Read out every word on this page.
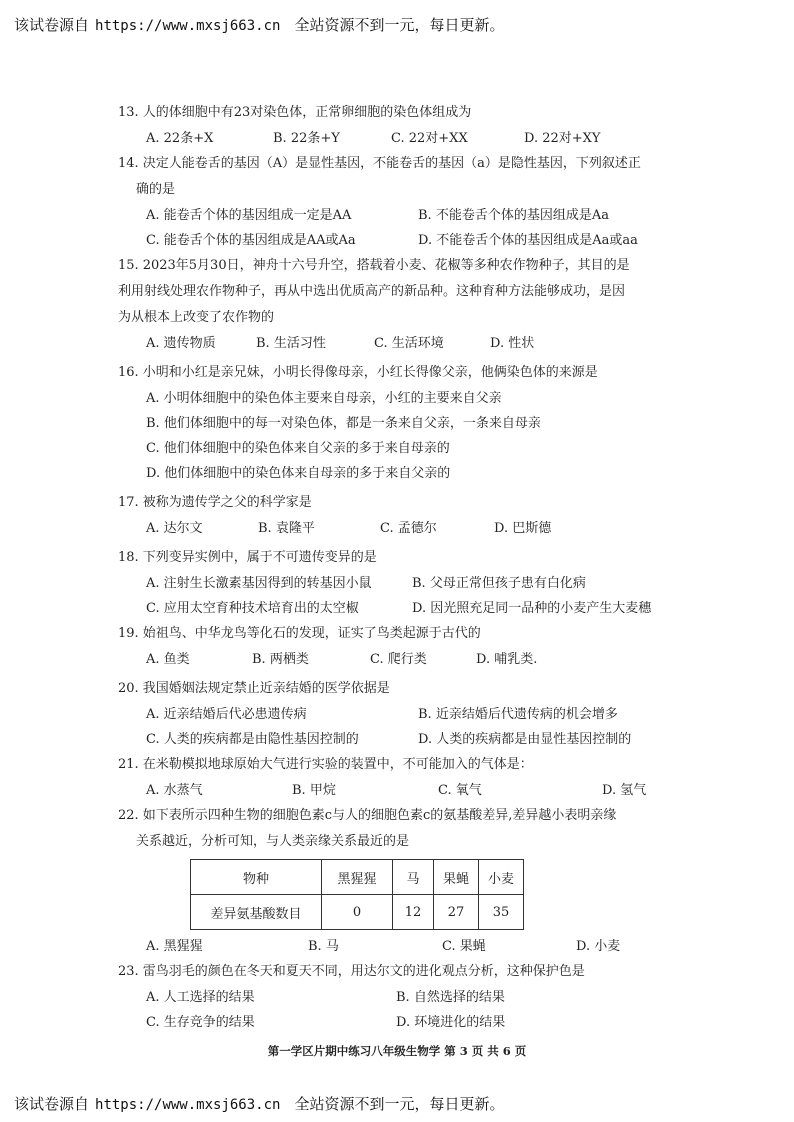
该试卷源自 https://www.mxsj663.cn 全站资源不到一元，每日更新。
13. 人的体细胞中有23对染色体，正常卵细胞的染色体组成为
A. 22条+X	B. 22条+Y	C. 22对+XX	D. 22对+XY
14. 决定人能卷舌的基因（A）是显性基因，不能卷舌的基因（a）是隐性基因，下列叙述正
确的是
A. 能卷舌个体的基因组成一定是AA	B. 不能卷舌个体的基因组成是Aa
C. 能卷舌个体的基因组成是AA或Aa	D. 不能卷舌个体的基因组成是Aa或aa
15. 2023年5月30日，神舟十六号升空，搭载着小麦、花椒等多种农作物种子，其目的是
利用射线处理农作物种子，再从中选出优质高产的新品种。这种育种方法能够成功，是因
为从根本上改变了农作物的
A. 遗传物质	B. 生活习性	C. 生活环境	D. 性状
16. 小明和小红是亲兄妹，小明长得像母亲，小红长得像父亲，他俩染色体的来源是
A. 小明体细胞中的染色体主要来自母亲，小红的主要来自父亲
B. 他们体细胞中的每一对染色体，都是一条来自父亲，一条来自母亲
C. 他们体细胞中的染色体来自父亲的多于来自母亲的
D. 他们体细胞中的染色体来自母亲的多于来自父亲的
17. 被称为遗传学之父的科学家是
A. 达尔文	B. 袁隆平	C. 孟德尔	D. 巴斯德
18. 下列变异实例中，属于不可遗传变异的是
A. 注射生长激素基因得到的转基因小鼠	B. 父母正常但孩子患有白化病
C. 应用太空育种技术培育出的太空椒	D. 因光照充足同一品种的小麦产生大麦穗
19. 始祖鸟、中华龙鸟等化石的发现，证实了鸟类起源于古代的
A. 鱼类	B. 两栖类	C. 爬行类	D. 哺乳类.
20. 我国婚姻法规定禁止近亲结婚的医学依据是
A. 近亲结婚后代必患遗传病	B. 近亲结婚后代遗传病的机会增多
C. 人类的疾病都是由隐性基因控制的	D. 人类的疾病都是由显性基因控制的
21. 在米勒模拟地球原始大气进行实验的装置中，不可能加入的气体是：
A. 水蒸气	B. 甲烷	C. 氧气	D. 氢气
22. 如下表所示四种生物的细胞色素c与人的细胞色素c的氨基酸差异,差异越小表明亲缘
关系越近，分析可知，与人类亲缘关系最近的是
物种	黑猩猩	马	果蝇	小麦
差异氨基酸数目	0	12	27	35
A. 黑猩猩	B. 马	C. 果蝇	D. 小麦
23. 雷鸟羽毛的颜色在冬天和夏天不同，用达尔文的进化观点分析，这种保护色是
A. 人工选择的结果	B. 自然选择的结果
C. 生存竞争的结果	D. 环境进化的结果
第一学区片期中练习八年级生物学 第 3 页 共 6 页
该试卷源自 https://www.mxsj663.cn 全站资源不到一元，每日更新。
